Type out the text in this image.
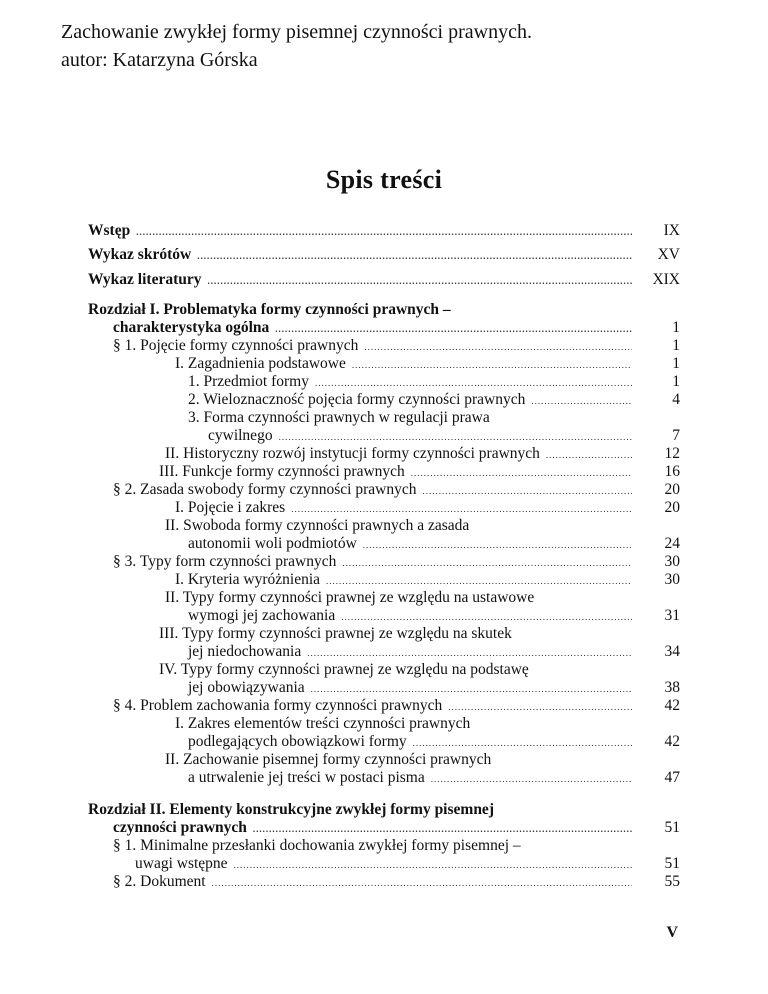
Zachowanie zwykłej formy pisemnej czynności prawnych.
autor: Katarzyna Górska
Spis treści
Wstęp .....	IX
Wykaz skrótów .....	XV
Wykaz literatury .....	XIX
Rozdział I. Problematyka formy czynności prawnych –
charakterystyka ogólna .....	1
§ 1. Pojęcie formy czynności prawnych .....	1
I. Zagadnienia podstawowe .....	1
1. Przedmiot formy .....	1
2. Wieloznaczność pojęcia formy czynności prawnych .....	4
3. Forma czynności prawnych w regulacji prawa
cywilnego .....	7
II. Historyczny rozwój instytucji formy czynności prawnych .....	12
III. Funkcje formy czynności prawnych .....	16
§ 2. Zasada swobody formy czynności prawnych .....	20
I. Pojęcie i zakres .....	20
II. Swoboda formy czynności prawnych a zasada
autonomii woli podmiotów .....	24
§ 3. Typy form czynności prawnych .....	30
I. Kryteria wyróżnienia .....	30
II. Typy formy czynności prawnej ze względu na ustawowe
wymogi jej zachowania .....	31
III. Typy formy czynności prawnej ze względu na skutek
jej niedochowania .....	34
IV. Typy formy czynności prawnej ze względu na podstawę
jej obowiązywania .....	38
§ 4. Problem zachowania formy czynności prawnych .....	42
I. Zakres elementów treści czynności prawnych
podlegających obowiązkowi formy .....	42
II. Zachowanie pisemnej formy czynności prawnych
a utrwalenie jej treści w postaci pisma .....	47
Rozdział II. Elementy konstrukcyjne zwykłej formy pisemnej
czynności prawnych .....	51
§ 1. Minimalne przesłanki dochowania zwykłej formy pisemnej –
uwagi wstępne .....	51
§ 2. Dokument .....	55
V
